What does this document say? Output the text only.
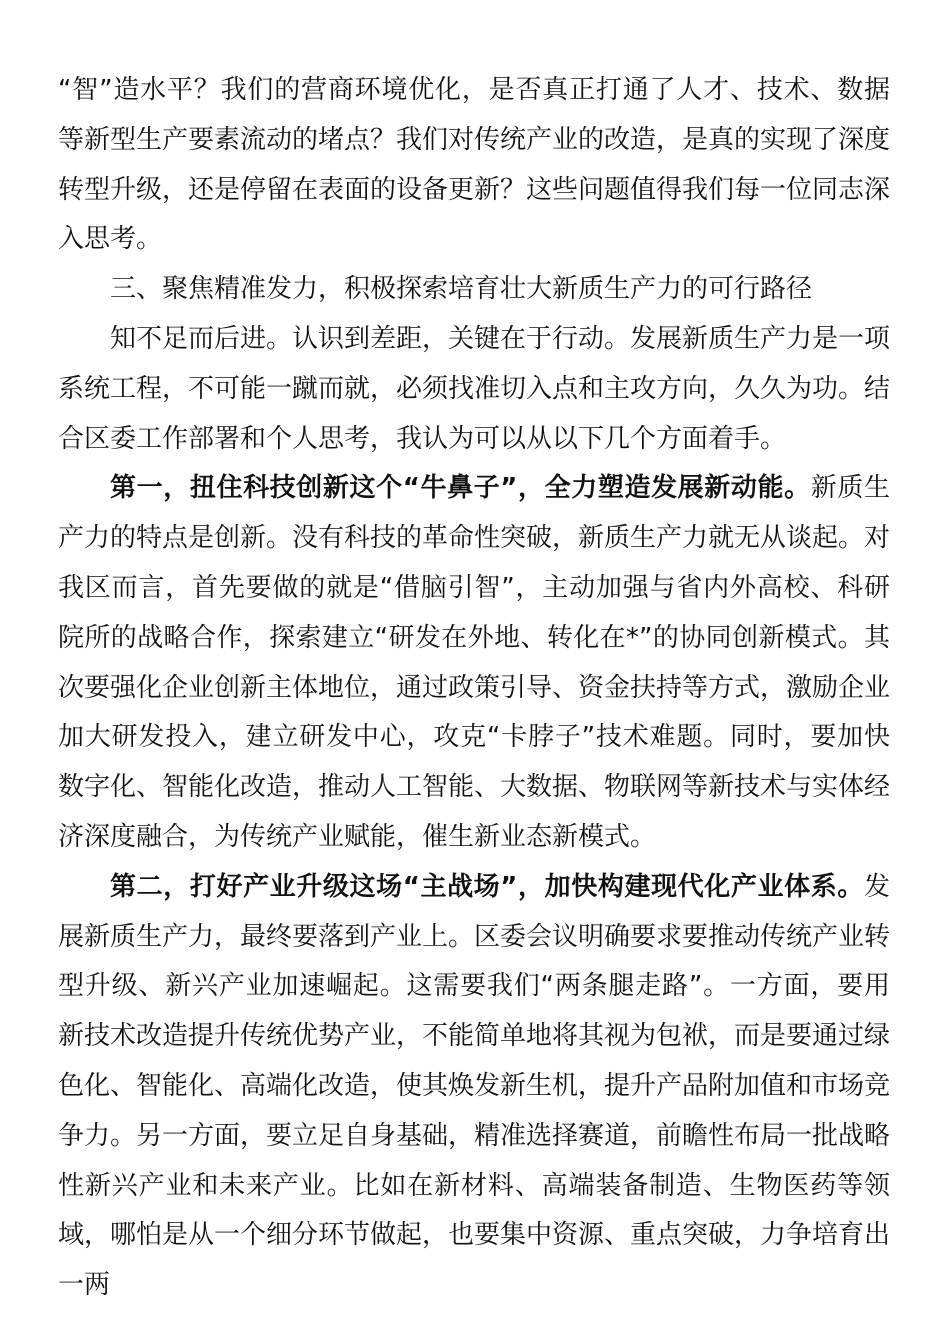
“智”造水平？我们的营商环境优化，是否真正打通了人才、技术、数据等新型生产要素流动的堵点？我们对传统产业的改造，是真的实现了深度转型升级，还是停留在表面的设备更新？这些问题值得我们每一位同志深入思考。

三、聚焦精准发力，积极探索培育壮大新质生产力的可行路径

知不足而后进。认识到差距，关键在于行动。发展新质生产力是一项系统工程，不可能一蹴而就，必须找准切入点和主攻方向，久久为功。结合区委工作部署和个人思考，我认为可以从以下几个方面着手。

第一，扭住科技创新这个“牛鼻子”，全力塑造发展新动能。新质生产力的特点是创新。没有科技的革命性突破，新质生产力就无从谈起。对我区而言，首先要做的就是“借脑引智”，主动加强与省内外高校、科研院所的战略合作，探索建立“研发在外地、转化在*”的协同创新模式。其次要强化企业创新主体地位，通过政策引导、资金扶持等方式，激励企业加大研发投入，建立研发中心，攻克“卡脖子”技术难题。同时，要加快数字化、智能化改造，推动人工智能、大数据、物联网等新技术与实体经济深度融合，为传统产业赋能，催生新业态新模式。

第二，打好产业升级这场“主战场”，加快构建现代化产业体系。发展新质生产力，最终要落到产业上。区委会议明确要求要推动传统产业转型升级、新兴产业加速崛起。这需要我们“两条腿走路”。一方面，要用新技术改造提升传统优势产业，不能简单地将其视为包袱，而是要通过绿色化、智能化、高端化改造，使其焕发新生机，提升产品附加值和市场竞争力。另一方面，要立足自身基础，精准选择赛道，前瞻性布局一批战略性新兴产业和未来产业。比如在新材料、高端装备制造、生物医药等领域，哪怕是从一个细分环节做起，也要集中资源、重点突破，力争培育出一两
